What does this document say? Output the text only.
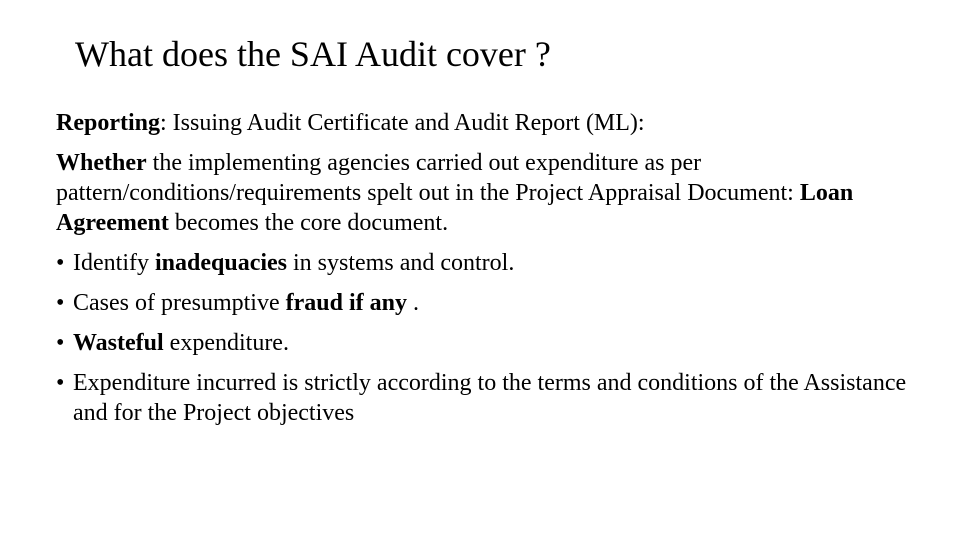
What does the SAI Audit cover ?

Reporting: Issuing Audit Certificate and Audit Report (ML):

Whether the implementing agencies carried out expenditure as per pattern/conditions/requirements spelt out in the Project Appraisal Document: Loan Agreement becomes the core document.

• Identify inadequacies in systems and control.
• Cases of presumptive fraud if any .
• Wasteful expenditure.
• Expenditure incurred is strictly according to the terms and conditions of the Assistance and for the Project objectives
